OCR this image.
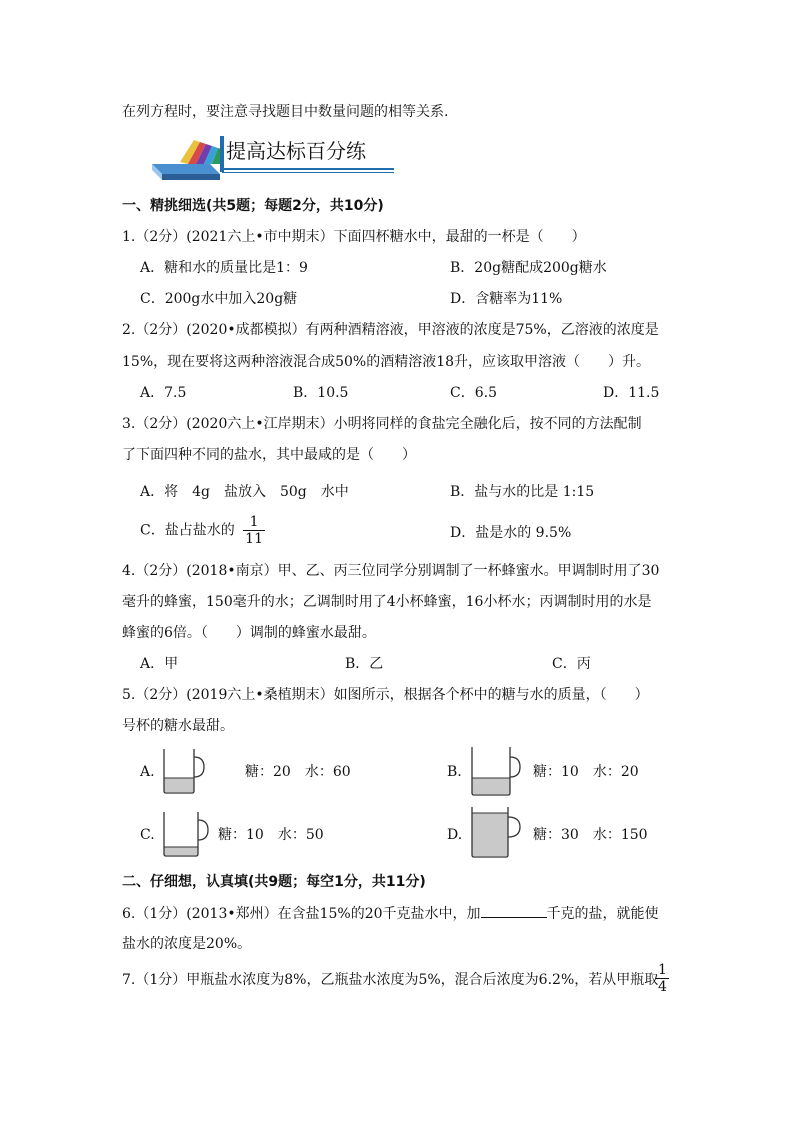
在列方程时，要注意寻找题目中数量问题的相等关系.
提高达标百分练
一、精挑细选(共5题；每题2分，共10分)
1.（2分）(2021六上•市中期末）下面四杯糖水中，最甜的一杯是（　　）
A．糖和水的质量比是1：9	B．20g糖配成200g糖水
C．200g水中加入20g糖	D．含糖率为11%
2.（2分）(2020•成都模拟）有两种酒精溶液，甲溶液的浓度是75%，乙溶液的浓度是
15%，现在要将这两种溶液混合成50%的酒精溶液18升，应该取甲溶液（　　）升。
A．7.5	B．10.5	C．6.5	D．11.5
3.（2分）(2020六上•江岸期末）小明将同样的食盐完全融化后，按不同的方法配制
了下面四种不同的盐水，其中最咸的是（　　）
A．将　4g　盐放入　50g　水中	B．盐与水的比是 1:15
C．盐占盐水的 $\frac{1}{11}$	D．盐是水的 9.5%
4.（2分）(2018•南京）甲、乙、丙三位同学分别调制了一杯蜂蜜水。甲调制时用了30
毫升的蜂蜜，150毫升的水；乙调制时用了4小杯蜂蜜，16小杯水；丙调制时用的水是
蜂蜜的6倍。（　　）调制的蜂蜜水最甜。
A．甲	B．乙	C．丙
5.（2分）(2019六上•桑植期末）如图所示，根据各个杯中的糖与水的质量，（　　）
号杯的糖水最甜。
A.	糖：20　水：60	B.	糖：10　水：20
C.	糖：10　水：50	D.	糖：30　水：150
二、仔细想，认真填(共9题；每空1分，共11分)
6.（1分）(2013•郑州）在含盐15%的20千克盐水中，加	千克的盐，就能使
盐水的浓度是20%。
7.（1分）甲瓶盐水浓度为8%，乙瓶盐水浓度为5%，混合后浓度为6.2%，若从甲瓶取
$\frac{1}{4}$
